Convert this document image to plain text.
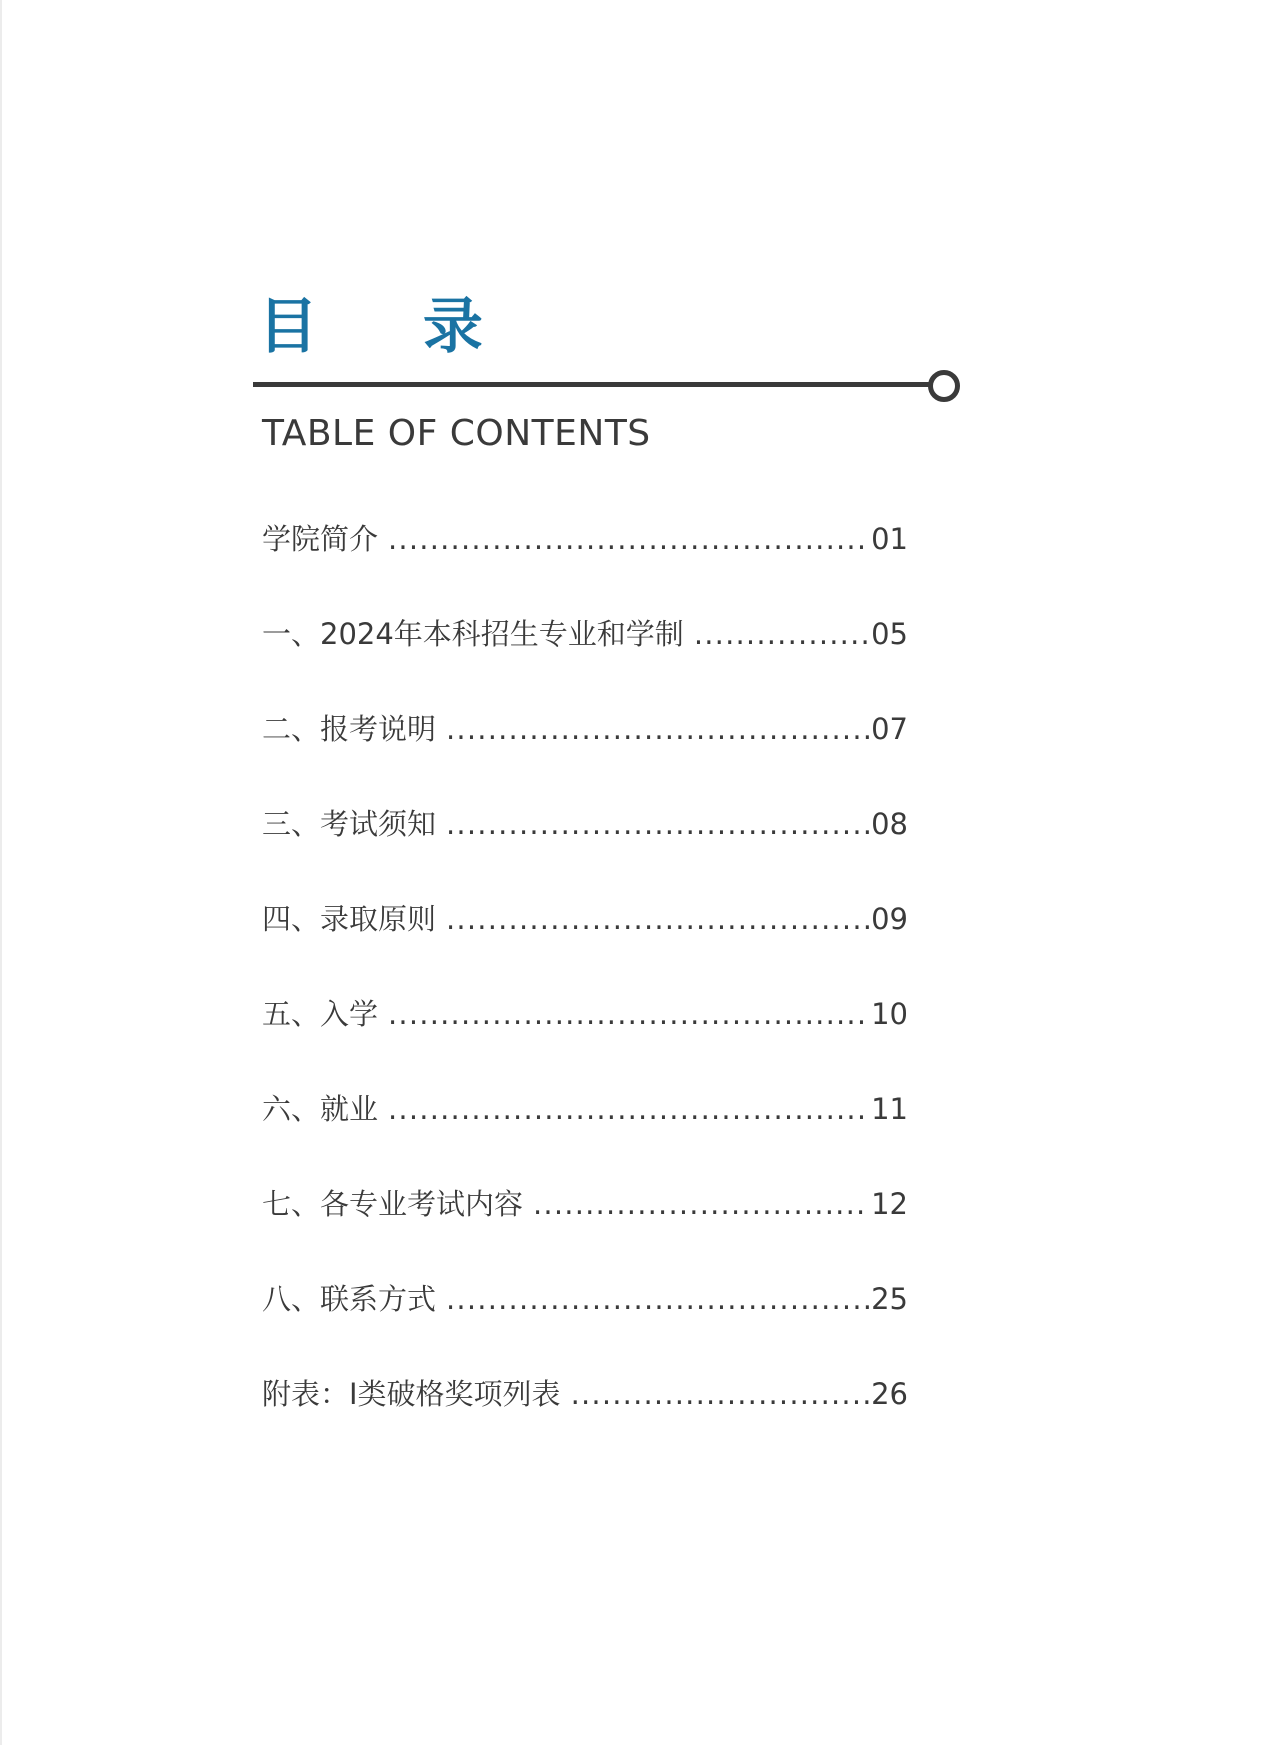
目 录
TABLE OF CONTENTS
学院简介 .....	01
一、2024年本科招生专业和学制 .....	05
二、报考说明 .....	07
三、考试须知 .....	08
四、录取原则 .....	09
五、入学 .....	10
六、就业 .....	11
七、各专业考试内容 .....	12
八、联系方式 .....	25
附表：I类破格奖项列表 .....	26
